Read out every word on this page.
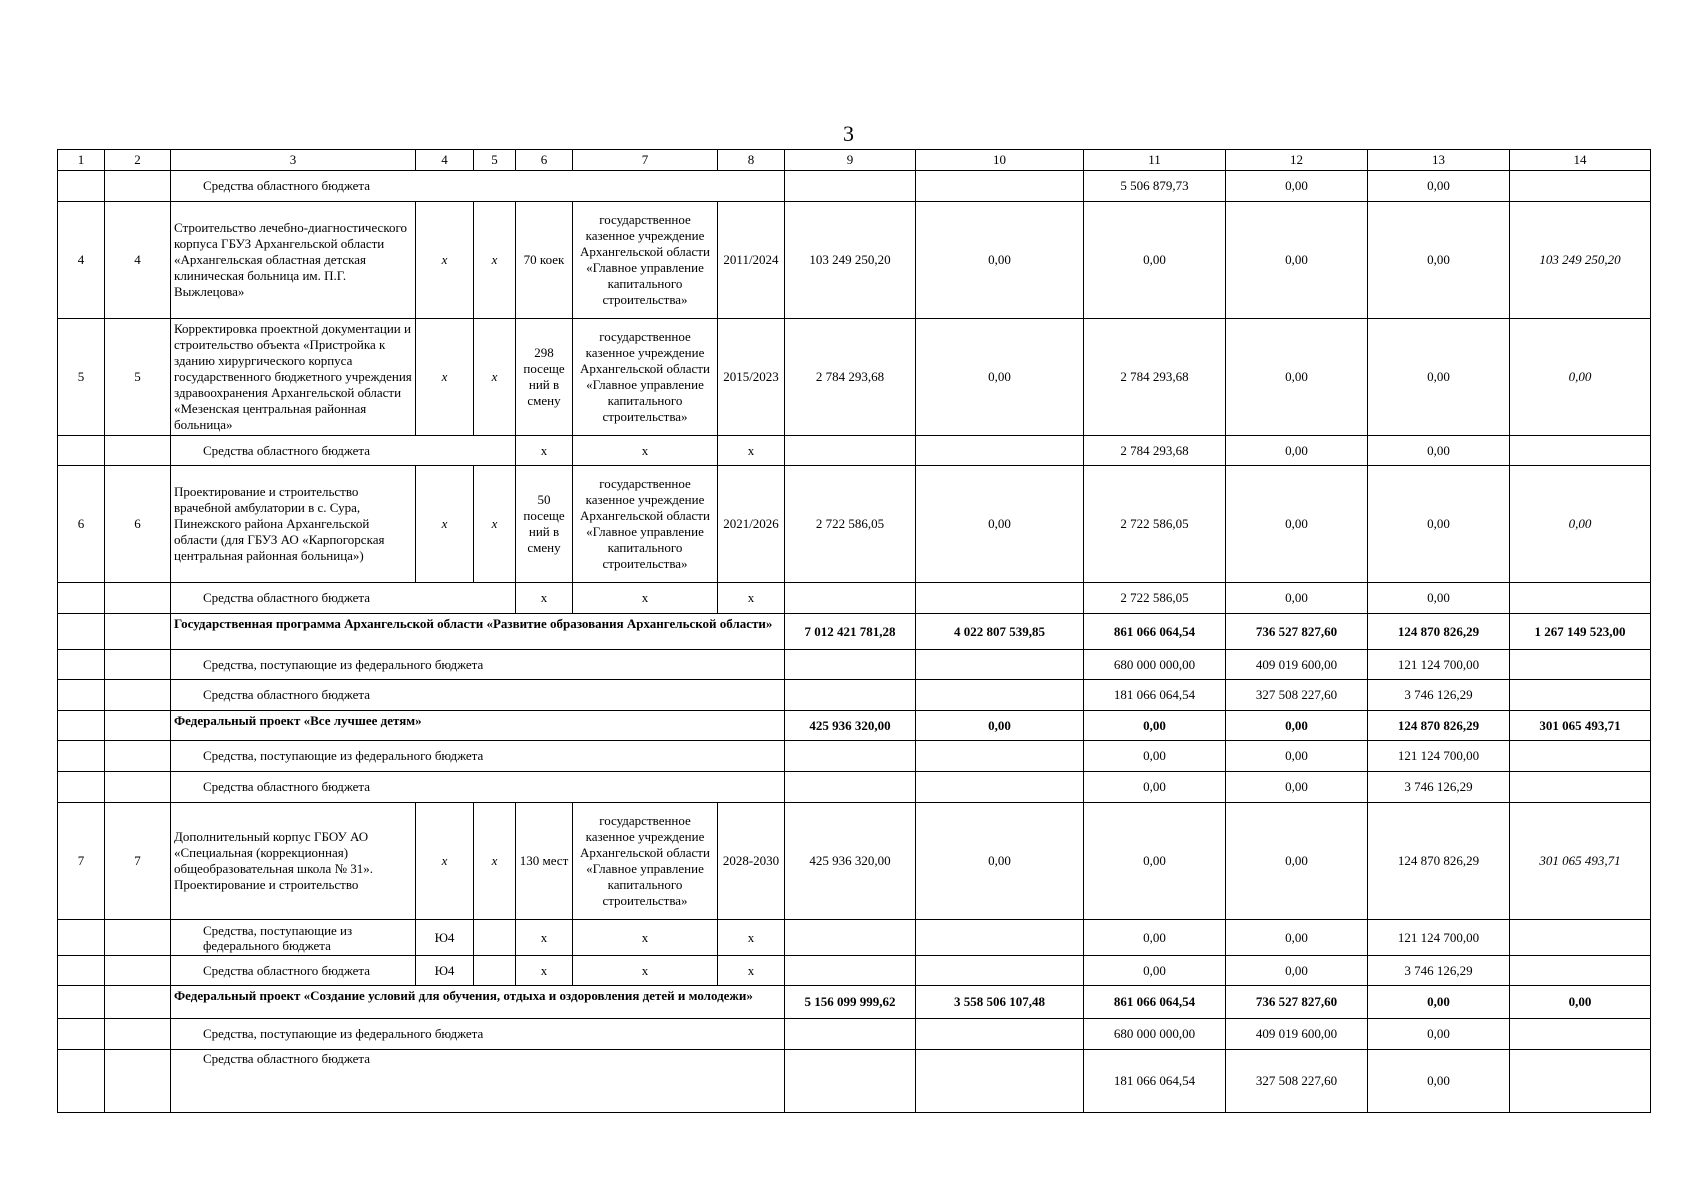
3
1	2	3	4	5	6	7	8	9	10	11	12	13	14
		Средства областного бюджета								5 506 879,73	0,00	0,00	
4	4	Строительство лечебно-диагностического корпуса ГБУЗ Архангельской области «Архангельская областная детская клиническая больница им. П.Г. Выжлецова»	x	x	70 коек	государственное казенное учреждение Архангельской области «Главное управление капитального строительства»	2011/2024	103 249 250,20	0,00	0,00	0,00	0,00	103 249 250,20
5	5	Корректировка проектной документации и строительство объекта «Пристройка к зданию хирургического корпуса государственного бюджетного учреждения здравоохранения Архангельской области «Мезенская центральная районная больница»	x	x	298 посеще ний в смену	государственное казенное учреждение Архангельской области «Главное управление капитального строительства»	2015/2023	2 784 293,68	0,00	2 784 293,68	0,00	0,00	0,00
		Средства областного бюджета			x	x	x			2 784 293,68	0,00	0,00	
6	6	Проектирование и строительство врачебной амбулатории в с. Сура, Пинежского района Архангельской области (для ГБУЗ АО «Карпогорская центральная районная больница»)	x	x	50 посеще ний в смену	государственное казенное учреждение Архангельской области «Главное управление капитального строительства»	2021/2026	2 722 586,05	0,00	2 722 586,05	0,00	0,00	0,00
		Средства областного бюджета			x	x	x			2 722 586,05	0,00	0,00	
		Государственная программа Архангельской области «Развитие образования Архангельской области»						7 012 421 781,28	4 022 807 539,85	861 066 064,54	736 527 827,60	124 870 826,29	1 267 149 523,00
		Средства, поступающие из федерального бюджета								680 000 000,00	409 019 600,00	121 124 700,00	
		Средства областного бюджета								181 066 064,54	327 508 227,60	3 746 126,29	
		Федеральный проект «Все лучшее детям»						425 936 320,00	0,00	0,00	0,00	124 870 826,29	301 065 493,71
		Средства, поступающие из федерального бюджета								0,00	0,00	121 124 700,00	
		Средства областного бюджета								0,00	0,00	3 746 126,29	
7	7	Дополнительный корпус ГБОУ АО «Специальная (коррекционная) общеобразовательная школа № 31». Проектирование и строительство	x	x	130 мест	государственное казенное учреждение Архангельской области «Главное управление капитального строительства»	2028-2030	425 936 320,00	0,00	0,00	0,00	124 870 826,29	301 065 493,71
		Средства, поступающие из федерального бюджета	Ю4		x	x	x			0,00	0,00	121 124 700,00	
		Средства областного бюджета	Ю4		x	x	x			0,00	0,00	3 746 126,29	
		Федеральный проект «Создание условий для обучения, отдыха и оздоровления детей и молодежи»						5 156 099 999,62	3 558 506 107,48	861 066 064,54	736 527 827,60	0,00	0,00
		Средства, поступающие из федерального бюджета								680 000 000,00	409 019 600,00	0,00	
		Средства областного бюджета								181 066 064,54	327 508 227,60	0,00	
